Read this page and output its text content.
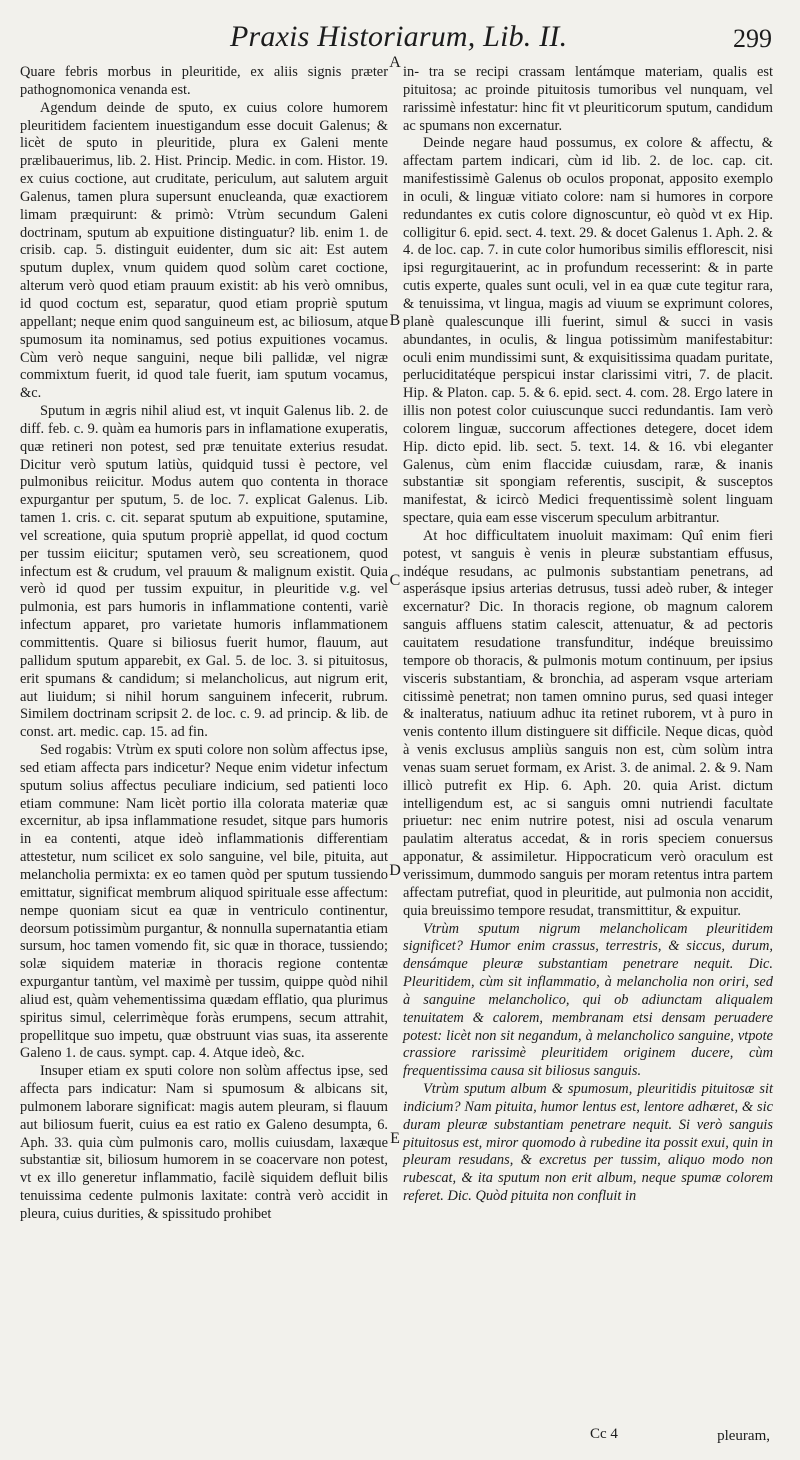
Praxis Historiarum, Lib. II.	299

Quare febris morbus in pleuritide, ex aliis signis præter pathognomonica venanda est.

Agendum deinde de sputo, ex cuius colore humorem pleuritidem facientem inuestigandum esse docuit Galenus; & licèt de sputo in pleuritide, plura ex Galeni mente prælibauerimus, lib. 2. Hist. Princip. Medic. in com. Histor. 19. ex cuius coctione, aut cruditate, periculum, aut salutem arguit Galenus, tamen plura supersunt enucleanda, quæ exactiorem limam præquirunt: & primò: Vtrùm secundum Galeni doctrinam, sputum ab expuitione distinguatur? lib. enim 1. de crisib. cap. 5. distinguit euidenter, dum sic ait: Est autem sputum duplex, vnum quidem quod solùm caret coctione, alterum verò quod etiam prauum existit: ab his verò omnibus, id quod coctum est, separatur, quod etiam propriè sputum appellant; neque enim quod sanguineum est, ac biliosum, atque spumosum ita nominamus, sed potius expuitiones vocamus. Cùm verò neque sanguini, neque bili pallidæ, vel nigræ commixtum fuerit, id quod tale fuerit, iam sputum vocamus, &c.

Sputum in ægris nihil aliud est, vt inquit Galenus lib. 2. de diff. feb. c. 9. quàm ea humoris pars in inflamatione exuperatis, quæ retineri non potest, sed præ tenuitate exterius resudat. Dicitur verò sputum latiùs, quidquid tussi è pectore, vel pulmonibus reiicitur. Modus autem quo contenta in thorace expurgantur per sputum, 5. de loc. 7. explicat Galenus. Lib. tamen 1. cris. c. cit. separat sputum ab expuitione, sputamine, vel screatione, quia sputum propriè appellat, id quod coctum per tussim eiicitur; sputamen verò, seu screationem, quod infectum est & crudum, vel prauum & malignum existit. Quia verò id quod per tussim expuitur, in pleuritide v.g. vel pulmonia, est pars humoris in inflammatione contenti, variè infectum apparet, pro varietate humoris inflammationem committentis. Quare si biliosus fuerit humor, flauum, aut pallidum sputum apparebit, ex Gal. 5. de loc. 3. si pituitosus, erit spumans & candidum; si melancholicus, aut nigrum erit, aut liuidum; si nihil horum sanguinem infecerit, rubrum. Similem doctrinam scripsit 2. de loc. c. 9. ad princip. & lib. de const. art. medic. cap. 15. ad fin.

Sed rogabis: Vtrùm ex sputi colore non solùm affectus ipse, sed etiam affecta pars indicetur? Neque enim videtur infectum sputum solius affectus peculiare indicium, sed patienti loco etiam commune: Nam licèt portio illa colorata materiæ quæ excernitur, ab ipsa inflammatione resudet, sitque pars humoris in ea contenti, atque ideò inflammationis differentiam attestetur, num scilicet ex solo sanguine, vel bile, pituita, aut melancholia permixta: ex eo tamen quòd per sputum tussiendo emittatur, significat membrum aliquod spirituale esse affectum: nempe quoniam sicut ea quæ in ventriculo continentur, deorsum potissimùm purgantur, & nonnulla supernatantia etiam sursum, hoc tamen vomendo fit, sic quæ in thorace, tussiendo; solæ siquidem materiæ in thoracis regione contentæ expurgantur tantùm, vel maximè per tussim, quippe quòd nihil aliud est, quàm vehementissima quædam efflatio, qua plurimus spiritus simul, celerrimèque foràs erumpens, secum attrahit, propellitque suo impetu, quæ obstruunt vias suas, ita asserente Galeno 1. de caus. sympt. cap. 4. Atque ideò, &c.

Insuper etiam ex sputi colore non solùm affectus ipse, sed affecta pars indicatur: Nam si spumosum & albicans sit, pulmonem laborare significat: magis autem pleuram, si flauum aut biliosum fuerit, cuius ea est ratio ex Galeno desumpta, 6. Aph. 33. quia cùm pulmonis caro, mollis cuiusdam, laxæque substantiæ sit, biliosum humorem in se coacervare non potest, vt ex illo generetur inflammatio, facilè siquidem defluit bilis tenuissima cedente pulmonis laxitate: contrà verò accidit in pleura, cuius durities, & spissitudo prohibet

A
B
C
D
E

in- tra se recipi crassam lentámque materiam, qualis est pituitosa; ac proinde pituitosis tumoribus vel nunquam, vel rarissimè infestatur: hinc fit vt pleuriticorum sputum, candidum ac spumans non excernatur.

Deinde negare haud possumus, ex colore & affectu, & affectam partem indicari, cùm id lib. 2. de loc. cap. cit. manifestissimè Galenus ob oculos proponat, apposito exemplo in oculi, & linguæ vitiato colore: nam si humores in corpore redundantes ex cutis colore dignoscuntur, eò quòd vt ex Hip. colligitur 6. epid. sect. 4. text. 29. & docet Galenus 1. Aph. 2. & 4. de loc. cap. 7. in cute color humoribus similis efflorescit, nisi ipsi regurgitauerint, ac in profundum recesserint: & in parte cutis experte, quales sunt oculi, vel in ea quæ cute tegitur rara, & tenuissima, vt lingua, magis ad viuum se exprimunt colores, planè qualescunque illi fuerint, simul & succi in vasis abundantes, in oculis, & lingua potissimùm manifestabitur: oculi enim mundissimi sunt, & exquisitissima quadam puritate, perluciditatéque perspicui instar clarissimi vitri, 7. de placit. Hip. & Platon. cap. 5. & 6. epid. sect. 4. com. 28. Ergo latere in illis non potest color cuiuscunque succi redundantis. Iam verò colorem linguæ, succorum affectiones detegere, docet idem Hip. dicto epid. lib. sect. 5. text. 14. & 16. vbi eleganter Galenus, cùm enim flaccidæ cuiusdam, raræ, & inanis substantiæ sit spongiam referentis, suscipit, & susceptos manifestat, & icircò Medici frequentissimè solent linguam spectare, quia eam esse viscerum speculum arbitrantur.

At hoc difficultatem inuoluit maximam: Quî enim fieri potest, vt sanguis è venis in pleuræ substantiam effusus, indéque resudans, ac pulmonis substantiam penetrans, ad asperásque ipsius arterias detrusus, tussi adeò ruber, & integer excernatur? Dic. In thoracis regione, ob magnum calorem sanguis affluens statim calescit, attenuatur, & ad pectoris cauitatem resudatione transfunditur, indéque breuissimo tempore ob thoracis, & pulmonis motum continuum, per ipsius visceris substantiam, & bronchia, ad asperam vsque arteriam citissimè penetrat; non tamen omnino purus, sed quasi integer & inalteratus, natiuum adhuc ita retinet ruborem, vt à puro in venis contento illum distinguere sit difficile. Neque dicas, quòd à venis exclusus ampliùs sanguis non est, cùm solùm intra venas suam seruet formam, ex Arist. 3. de animal. 2. & 9. Nam illicò putrefit ex Hip. 6. Aph. 20. quia Arist. dictum intelligendum est, ac si sanguis omni nutriendi facultate priuetur: nec enim nutrire potest, nisi ad oscula venarum paulatim alteratus accedat, & in roris speciem conuersus apponatur, & assimiletur. Hippocraticum verò oraculum est verissimum, dummodo sanguis per moram retentus intra partem affectam putrefiat, quod in pleuritide, aut pulmonia non accidit, quia breuissimo tempore resudat, transmittitur, & expuitur.

Vtrùm sputum nigrum melancholicam pleuritidem significet? Humor enim crassus, terrestris, & siccus, durum, densámque pleuræ substantiam penetrare nequit. Dic. Pleuritidem, cùm sit inflammatio, à melancholia non oriri, sed à sanguine melancholico, qui ob adiunctam aliqualem tenuitatem & calorem, membranam etsi densam peruadere potest: licèt non sit negandum, à melancholico sanguine, vtpote crassiore rarissimè pleuritidem originem ducere, cùm frequentissima causa sit biliosus sanguis.

Vtrùm sputum album & spumosum, pleuritidis pituitosæ sit indicium? Nam pituita, humor lentus est, lentore adhæret, & sic duram pleuræ substantiam penetrare nequit. Si verò sanguis pituitosus est, miror quomodo à rubedine ita possit exui, quin in pleuram resudans, & excretus per tussim, aliquo modo non rubescat, & ita sputum non erit album, neque spumæ colorem referet. Dic. Quòd pituita non confluit in

Cc 4	pleuram,
